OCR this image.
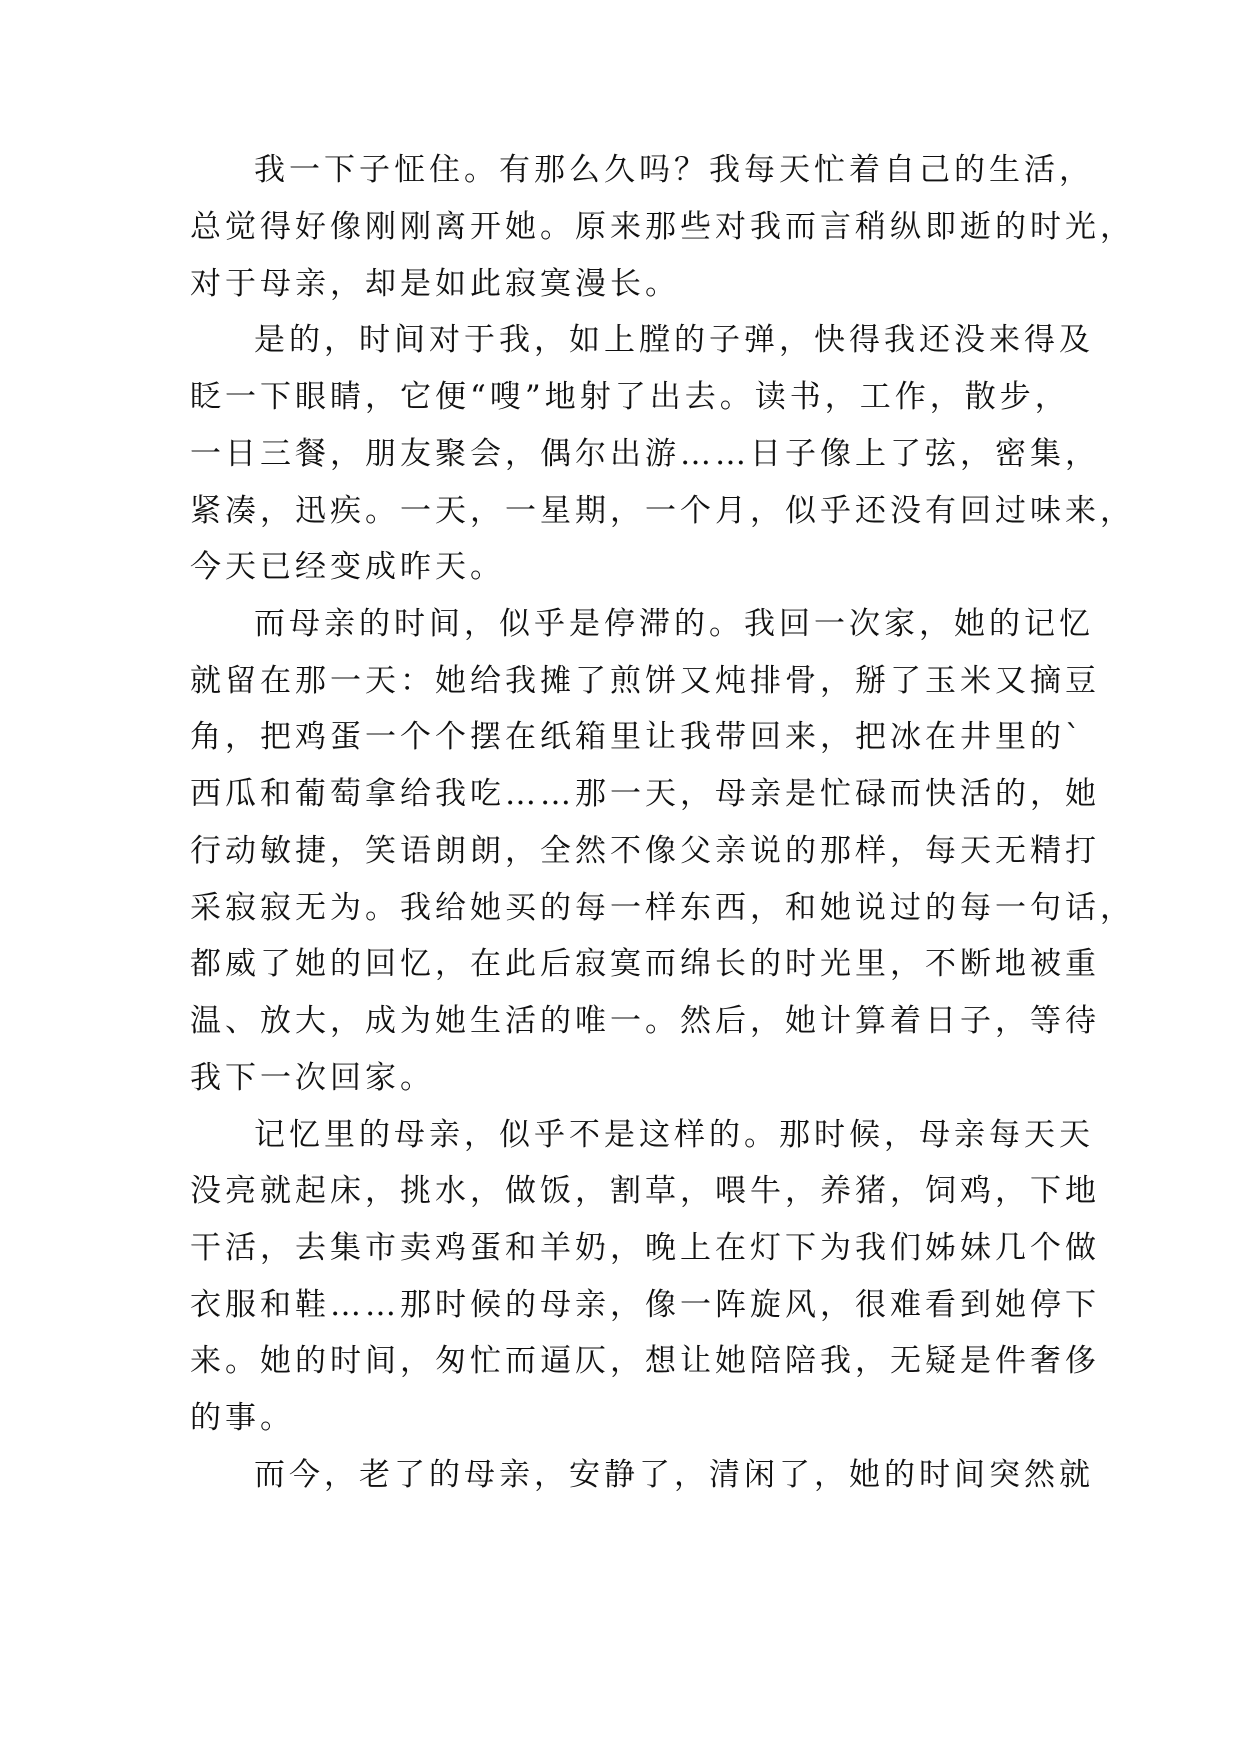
我一下子怔住。有那么久吗？我每天忙着自己的生活，
总觉得好像刚刚离开她。原来那些对我而言稍纵即逝的时光，
对于母亲，却是如此寂寞漫长。
是的，时间对于我，如上膛的子弹，快得我还没来得及
眨一下眼睛，它便“嗖”地射了出去。读书，工作，散步，
一日三餐，朋友聚会，偶尔出游……日子像上了弦，密集，
紧凑，迅疾。一天，一星期，一个月，似乎还没有回过味来，
今天已经变成昨天。
而母亲的时间，似乎是停滞的。我回一次家，她的记忆
就留在那一天：她给我摊了煎饼又炖排骨，掰了玉米又摘豆
角，把鸡蛋一个个摆在纸箱里让我带回来，把冰在井里的`
西瓜和葡萄拿给我吃……那一天，母亲是忙碌而快活的，她
行动敏捷，笑语朗朗，全然不像父亲说的那样，每天无精打
采寂寂无为。我给她买的每一样东西，和她说过的每一句话，
都威了她的回忆，在此后寂寞而绵长的时光里，不断地被重
温、放大，成为她生活的唯一。然后，她计算着日子，等待
我下一次回家。
记忆里的母亲，似乎不是这样的。那时候，母亲每天天
没亮就起床，挑水，做饭，割草，喂牛，养猪，饲鸡，下地
干活，去集市卖鸡蛋和羊奶，晚上在灯下为我们姊妹几个做
衣服和鞋……那时候的母亲，像一阵旋风，很难看到她停下
来。她的时间，匆忙而逼仄，想让她陪陪我，无疑是件奢侈
的事。
而今，老了的母亲，安静了，清闲了，她的时间突然就
